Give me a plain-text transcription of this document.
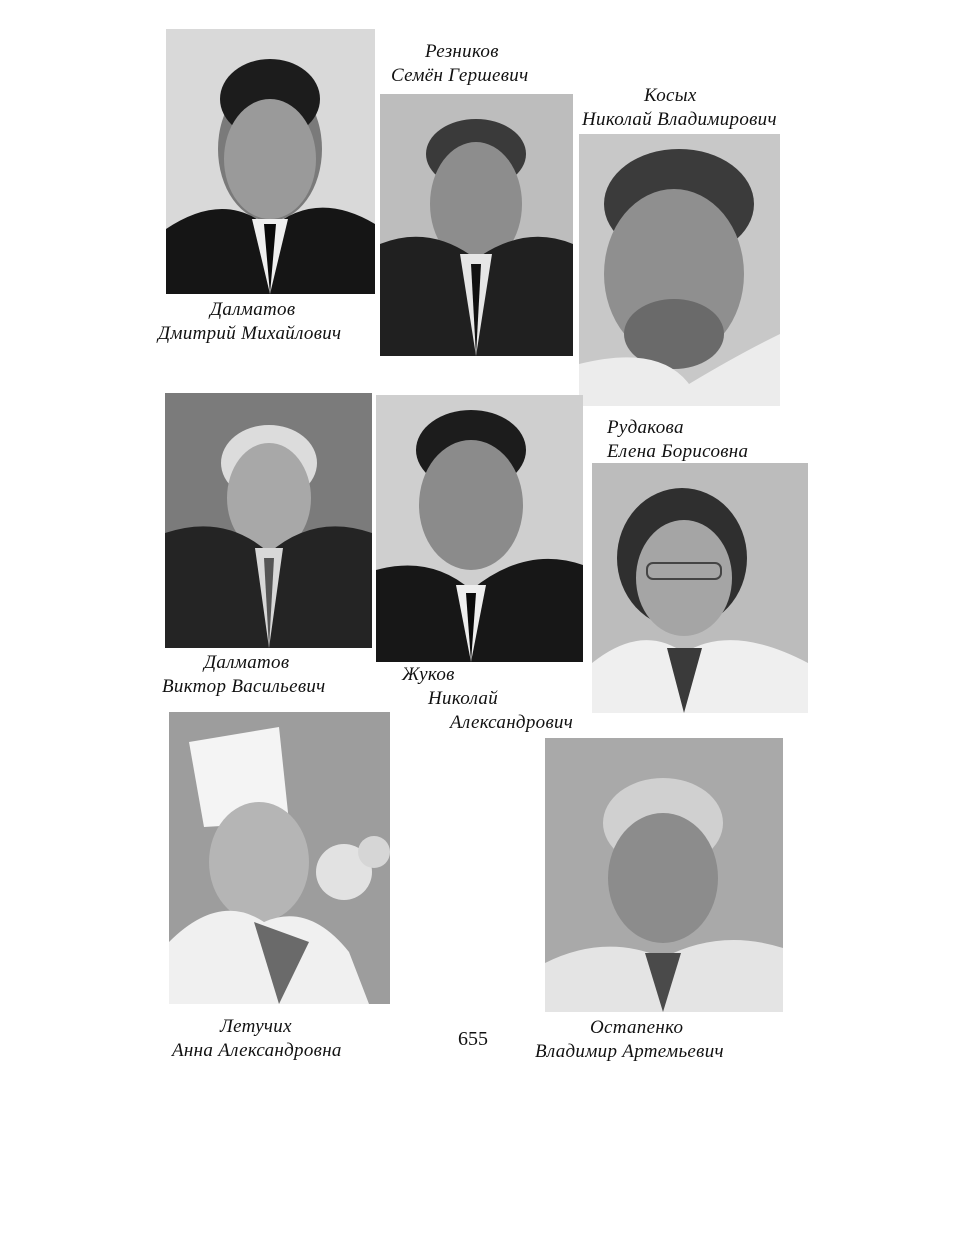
Далматов
Дмитрий Михайлович
Резников
Семён Гершевич
Косых
Николай Владимирович
Далматов
Виктор Васильевич
Жуков
Николай
Александрович
Рудакова
Елена Борисовна
Летучих
Анна Александровна
Остапенко
Владимир Артемьевич
655
